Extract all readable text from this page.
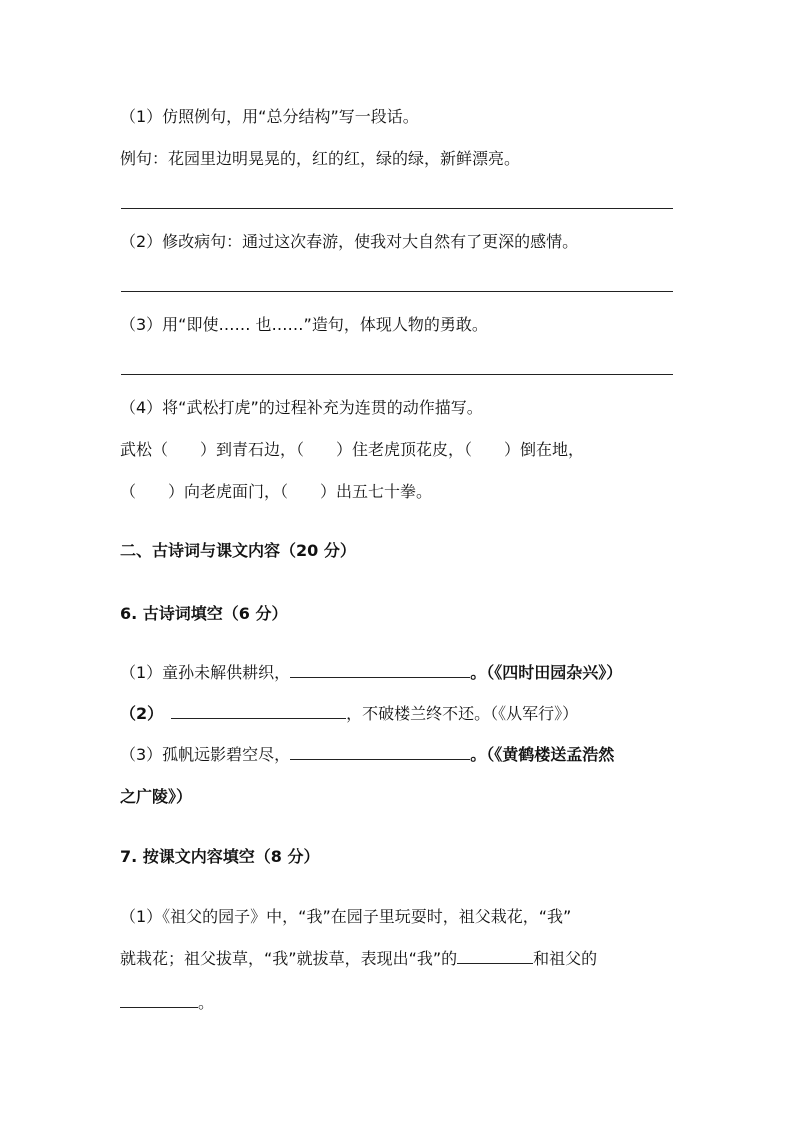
（1）仿照例句，用“总分结构”写一段话。
例句：花园里边明晃晃的，红的红，绿的绿，新鲜漂亮。
（2）修改病句：通过这次春游，使我对大自然有了更深的感情。
（3）用“即使…… 也……”造句，体现人物的勇敢。
（4）将“武松打虎”的过程补充为连贯的动作描写。
武松（ ）到青石边，（ ）住老虎顶花皮，（ ）倒在地，
（ ）向老虎面门，（ ）出五七十拳。
二、古诗词与课文内容（20 分）
6. 古诗词填空（6 分）
（1）童孙未解供耕织，	。（《四时田园杂兴》）
（2）	，不破楼兰终不还。（《从军行》）
（3）孤帆远影碧空尽，	。（《黄鹤楼送孟浩然
之广陵》）
7. 按课文内容填空（8 分）
（1）《祖父的园子》中，“我”在园子里玩耍时，祖父栽花，“我”
就栽花；祖父拔草，“我”就拔草，表现出“我”的	和祖父的
。
